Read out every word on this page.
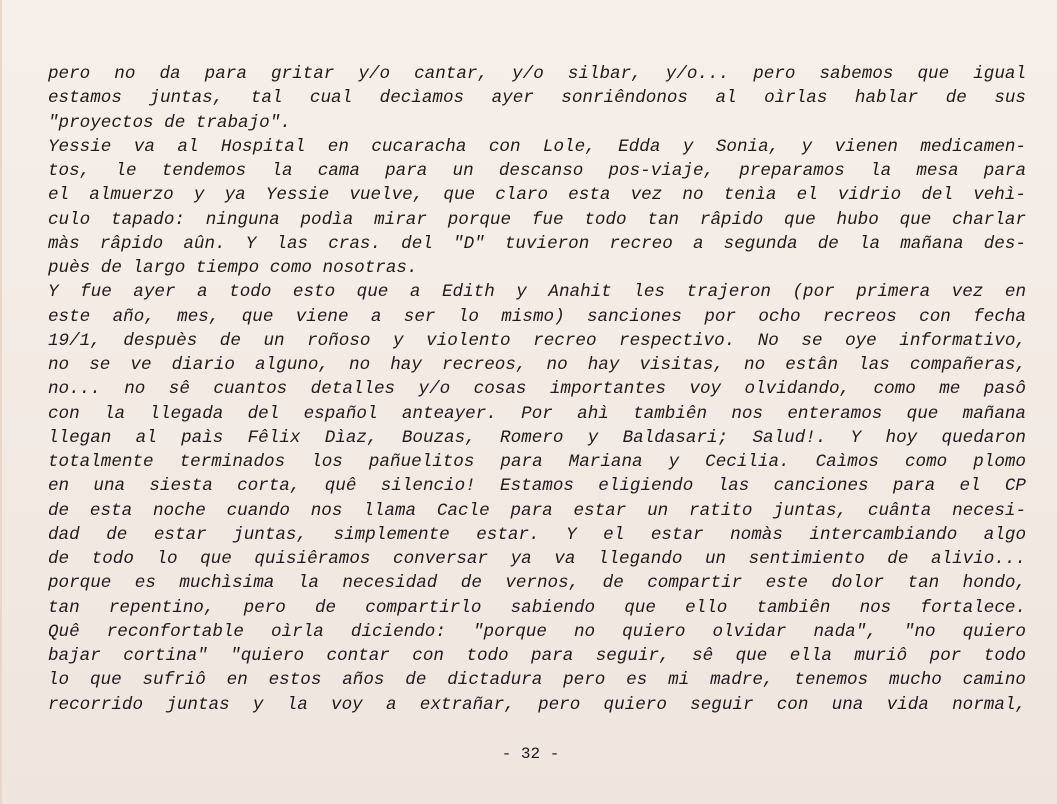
pero no da para gritar y/o cantar, y/o silbar, y/o... pero sabemos que igual
estamos juntas, tal cual decìamos ayer sonriêndonos al oìrlas hablar de sus
"proyectos de trabajo".
Yessie va al Hospital en cucaracha con Lole, Edda y Sonia, y vienen medicamen-
tos, le tendemos la cama para un descanso pos-viaje, preparamos la mesa para
el almuerzo y ya Yessie vuelve, que claro esta vez no tenìa el vidrio del vehì-
culo tapado: ninguna podìa mirar porque fue todo tan râpido que hubo que charlar
màs râpido aûn. Y las cras. del "D" tuvieron recreo a segunda de la mañana des-
puès de largo tiempo como nosotras.
Y fue ayer a todo esto que a Edith y Anahit les trajeron (por primera vez en
este año, mes, que viene a ser lo mismo) sanciones por ocho recreos con fecha
19/1, despuès de un roñoso y violento recreo respectivo. No se oye informativo,
no se ve diario alguno, no hay recreos, no hay visitas, no estân las compañeras,
no... no sê cuantos detalles y/o cosas importantes voy olvidando, como me pasô
con la llegada del español anteayer. Por ahì tambiên nos enteramos que mañana
llegan al paìs Fêlix Dìaz, Bouzas, Romero y Baldasari; Salud!. Y hoy quedaron
totalmente terminados los pañuelitos para Mariana y Cecilia. Caìmos como plomo
en una siesta corta, quê silencio! Estamos eligiendo las canciones para el CP
de esta noche cuando nos llama Cacle para estar un ratito juntas, cuânta necesi-
dad de estar juntas, simplemente estar. Y el estar nomàs intercambiando algo
de todo lo que quisiêramos conversar ya va llegando un sentimiento de alivio...
porque es muchìsima la necesidad de vernos, de compartir este dolor tan hondo,
tan repentino, pero de compartirlo sabiendo que ello tambiên nos fortalece.
Quê reconfortable oìrla diciendo: "porque no quiero olvidar nada", "no quiero
bajar cortina" "quiero contar con todo para seguir, sê que ella muriô por todo
lo que sufriô en estos años de dictadura pero es mi madre, tenemos mucho camino
recorrido juntas y la voy a extrañar, pero quiero seguir con una vida normal,
- 32 -
